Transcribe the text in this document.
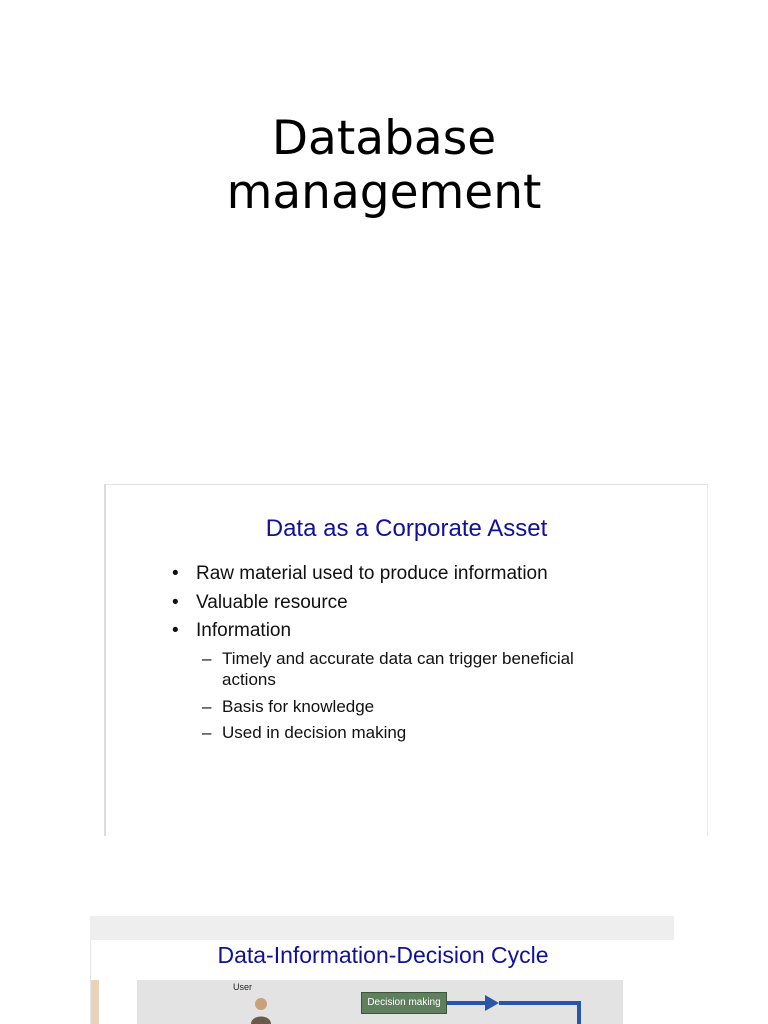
Database
management
Data as a Corporate Asset
• Raw material used to produce information
• Valuable resource
• Information
– Timely and accurate data can trigger beneficial
actions
– Basis for knowledge
– Used in decision making
Data-Information-Decision Cycle
User
Decision making
